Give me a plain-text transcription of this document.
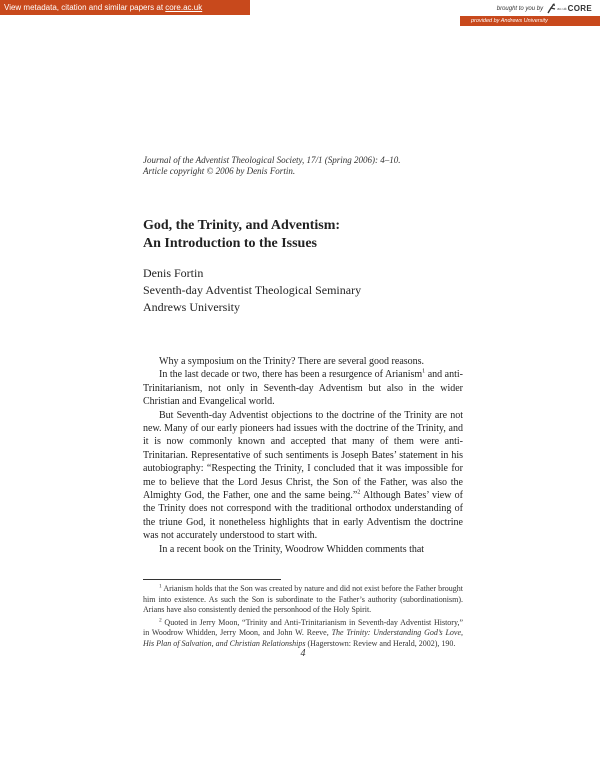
View metadata, citation and similar papers at core.ac.uk	brought to you by	ac.uk CORE
provided by Andrews University
Journal of the Adventist Theological Society, 17/1 (Spring 2006): 4–10.
Article copyright © 2006 by Denis Fortin.
God, the Trinity, and Adventism:
An Introduction to the Issues
Denis Fortin
Seventh-day Adventist Theological Seminary
Andrews University

Why a symposium on the Trinity? There are several good reasons.

In the last decade or two, there has been a resurgence of Arianism$^1$ and anti-Trinitarianism, not only in Seventh-day Adventism but also in the wider Christian and Evangelical world.

But Seventh-day Adventist objections to the doctrine of the Trinity are not new. Many of our early pioneers had issues with the doctrine of the Trinity, and it is now commonly known and accepted that many of them were anti-Trinitarian. Representative of such sentiments is Joseph Bates’ statement in his autobiography: “Respecting the Trinity, I concluded that it was impossible for me to believe that the Lord Jesus Christ, the Son of the Father, was also the Almighty God, the Father, one and the same being.”$^2$ Although Bates’ view of the Trinity does not correspond with the traditional orthodox understanding of the triune God, it nonetheless highlights that in early Adventism the doctrine was not accurately understood to start with.

In a recent book on the Trinity, Woodrow Whidden comments that

$^1$ Arianism holds that the Son was created by nature and did not exist before the Father brought him into existence. As such the Son is subordinate to the Father’s authority (subordinationism). Arians have also consistently denied the personhood of the Holy Spirit.

$^2$ Quoted in Jerry Moon, “Trinity and Anti-Trinitarianism in Seventh-day Adventist History,” in Woodrow Whidden, Jerry Moon, and John W. Reeve, The Trinity: Understanding God’s Love, His Plan of Salvation, and Christian Relationships (Hagerstown: Review and Herald, 2002), 190.

4
